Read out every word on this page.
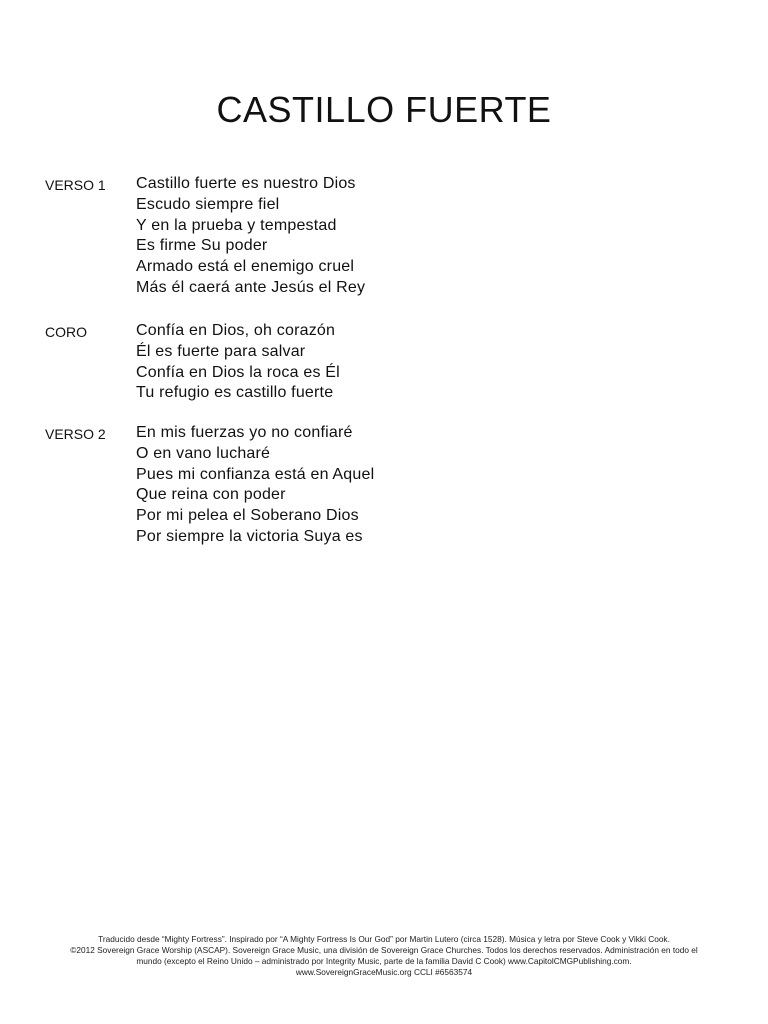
CASTILLO FUERTE
VERSO 1	Castillo fuerte es nuestro Dios
Escudo siempre fiel
Y en la prueba y tempestad
Es firme Su poder
Armado está el enemigo cruel
Más él caerá ante Jesús el Rey
CORO	Confía en Dios, oh corazón
Él es fuerte para salvar
Confía en Dios la roca es Él
Tu refugio es castillo fuerte
VERSO 2	En mis fuerzas yo no confiaré
O en vano lucharé
Pues mi confianza está en Aquel
Que reina con poder
Por mi pelea el Soberano Dios
Por siempre la victoria Suya es
Traducido desde “Mighty Fortress”. Inspirado por “A Mighty Fortress Is Our God” por Martin Lutero (circa 1528). Música y letra por Steve Cook y Vikki Cook.
©2012 Sovereign Grace Worship (ASCAP). Sovereign Grace Music, una división de Sovereign Grace Churches. Todos los derechos reservados. Administración en todo el
mundo (excepto el Reino Unido – administrado por Integrity Music, parte de la familia David C Cook) www.CapitolCMGPublishing.com.
www.SovereignGraceMusic.org CCLI #6563574
